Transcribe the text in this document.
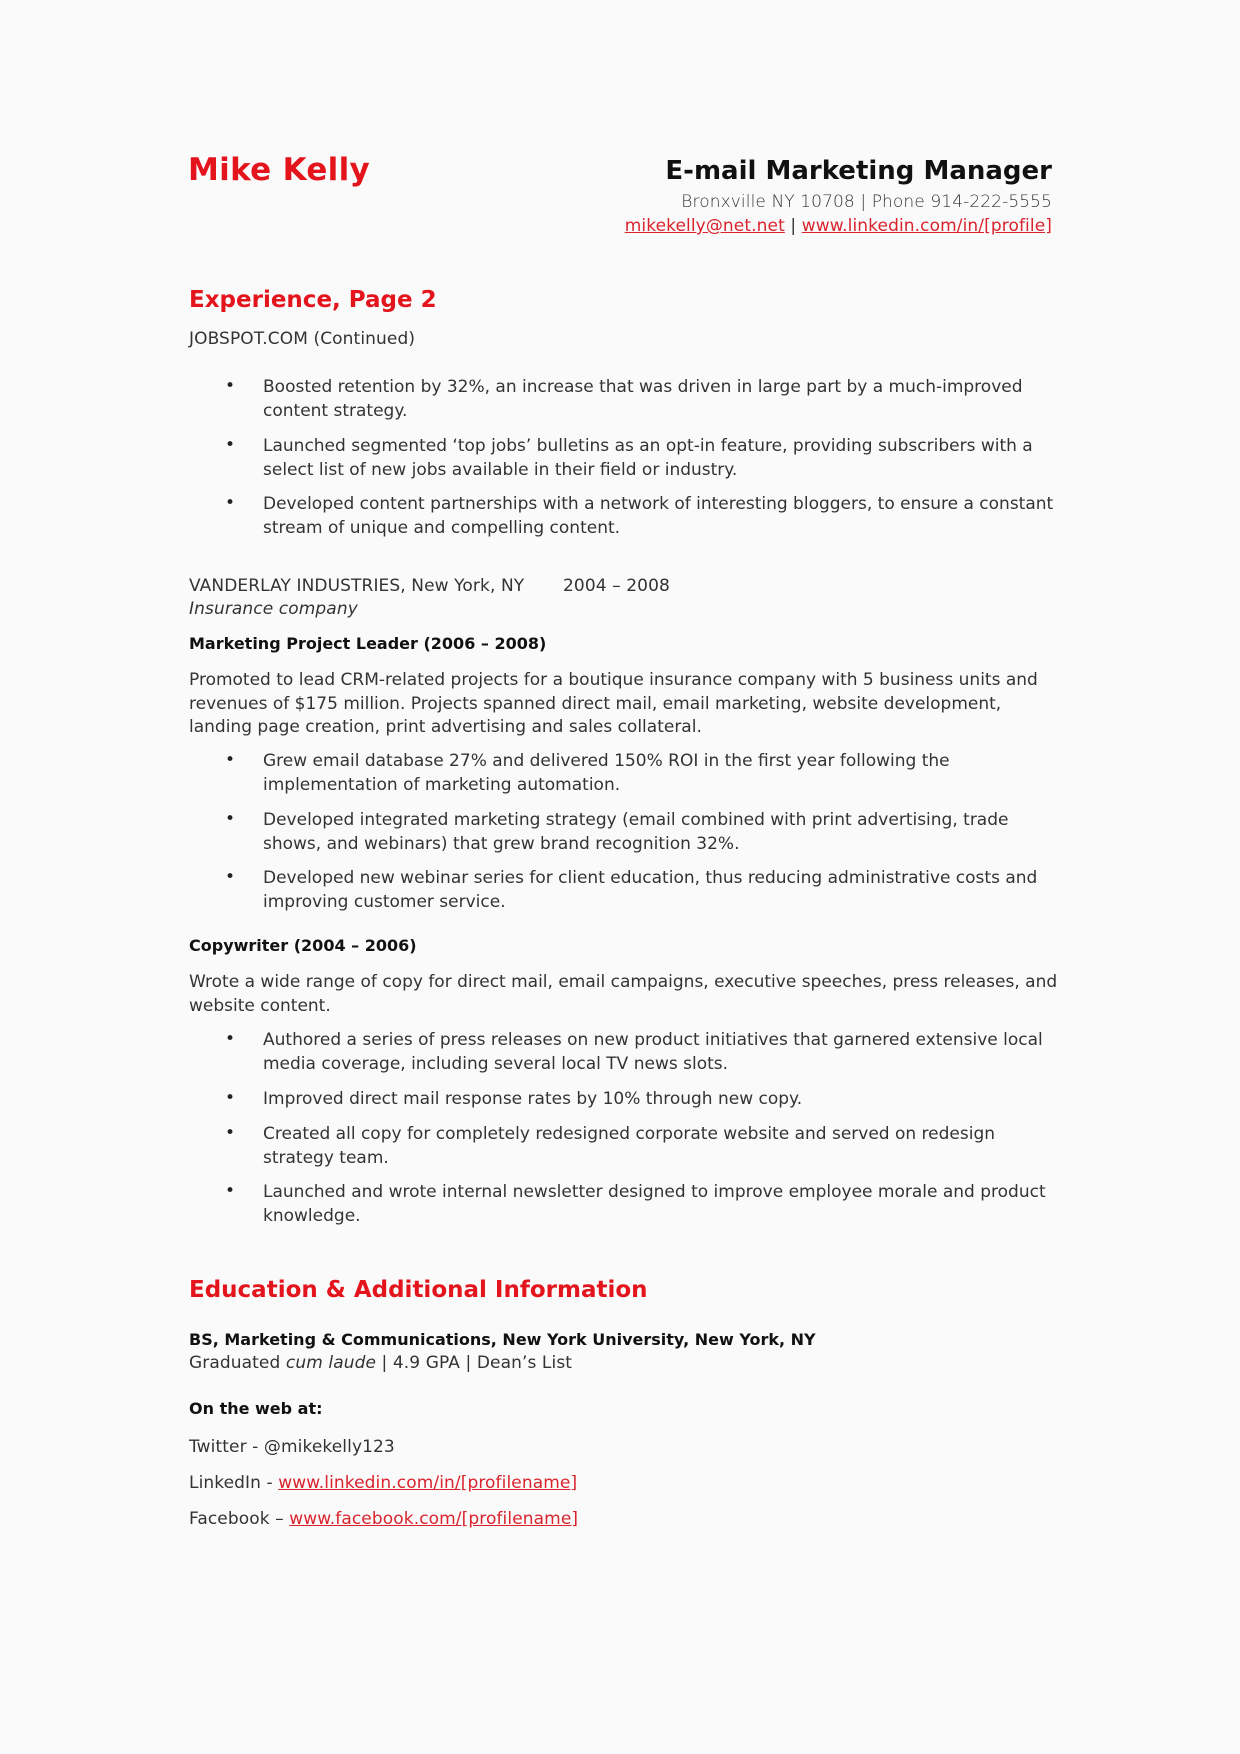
Mike Kelly	E-mail Marketing Manager
Bronxville NY 10708 | Phone 914-222-5555
mikekelly@net.net | www.linkedin.com/in/[profile]
Experience, Page 2
JOBSPOT.COM (Continued)
• Boosted retention by 32%, an increase that was driven in large part by a much-improved content strategy.
• Launched segmented ‘top jobs’ bulletins as an opt-in feature, providing subscribers with a select list of new jobs available in their field or industry.
• Developed content partnerships with a network of interesting bloggers, to ensure a constant stream of unique and compelling content.
VANDERLAY INDUSTRIES, New York, NY 2004 – 2008
Insurance company
Marketing Project Leader (2006 – 2008)
Promoted to lead CRM-related projects for a boutique insurance company with 5 business units and revenues of $175 million. Projects spanned direct mail, email marketing, website development, landing page creation, print advertising and sales collateral.
• Grew email database 27% and delivered 150% ROI in the first year following the implementation of marketing automation.
• Developed integrated marketing strategy (email combined with print advertising, trade shows, and webinars) that grew brand recognition 32%.
• Developed new webinar series for client education, thus reducing administrative costs and improving customer service.
Copywriter (2004 – 2006)
Wrote a wide range of copy for direct mail, email campaigns, executive speeches, press releases, and website content.
• Authored a series of press releases on new product initiatives that garnered extensive local media coverage, including several local TV news slots.
• Improved direct mail response rates by 10% through new copy.
• Created all copy for completely redesigned corporate website and served on redesign strategy team.
• Launched and wrote internal newsletter designed to improve employee morale and product knowledge.
Education & Additional Information
BS, Marketing & Communications, New York University, New York, NY
Graduated cum laude | 4.9 GPA | Dean’s List
On the web at:
Twitter - @mikekelly123
LinkedIn - www.linkedin.com/in/[profilename]
Facebook – www.facebook.com/[profilename]
